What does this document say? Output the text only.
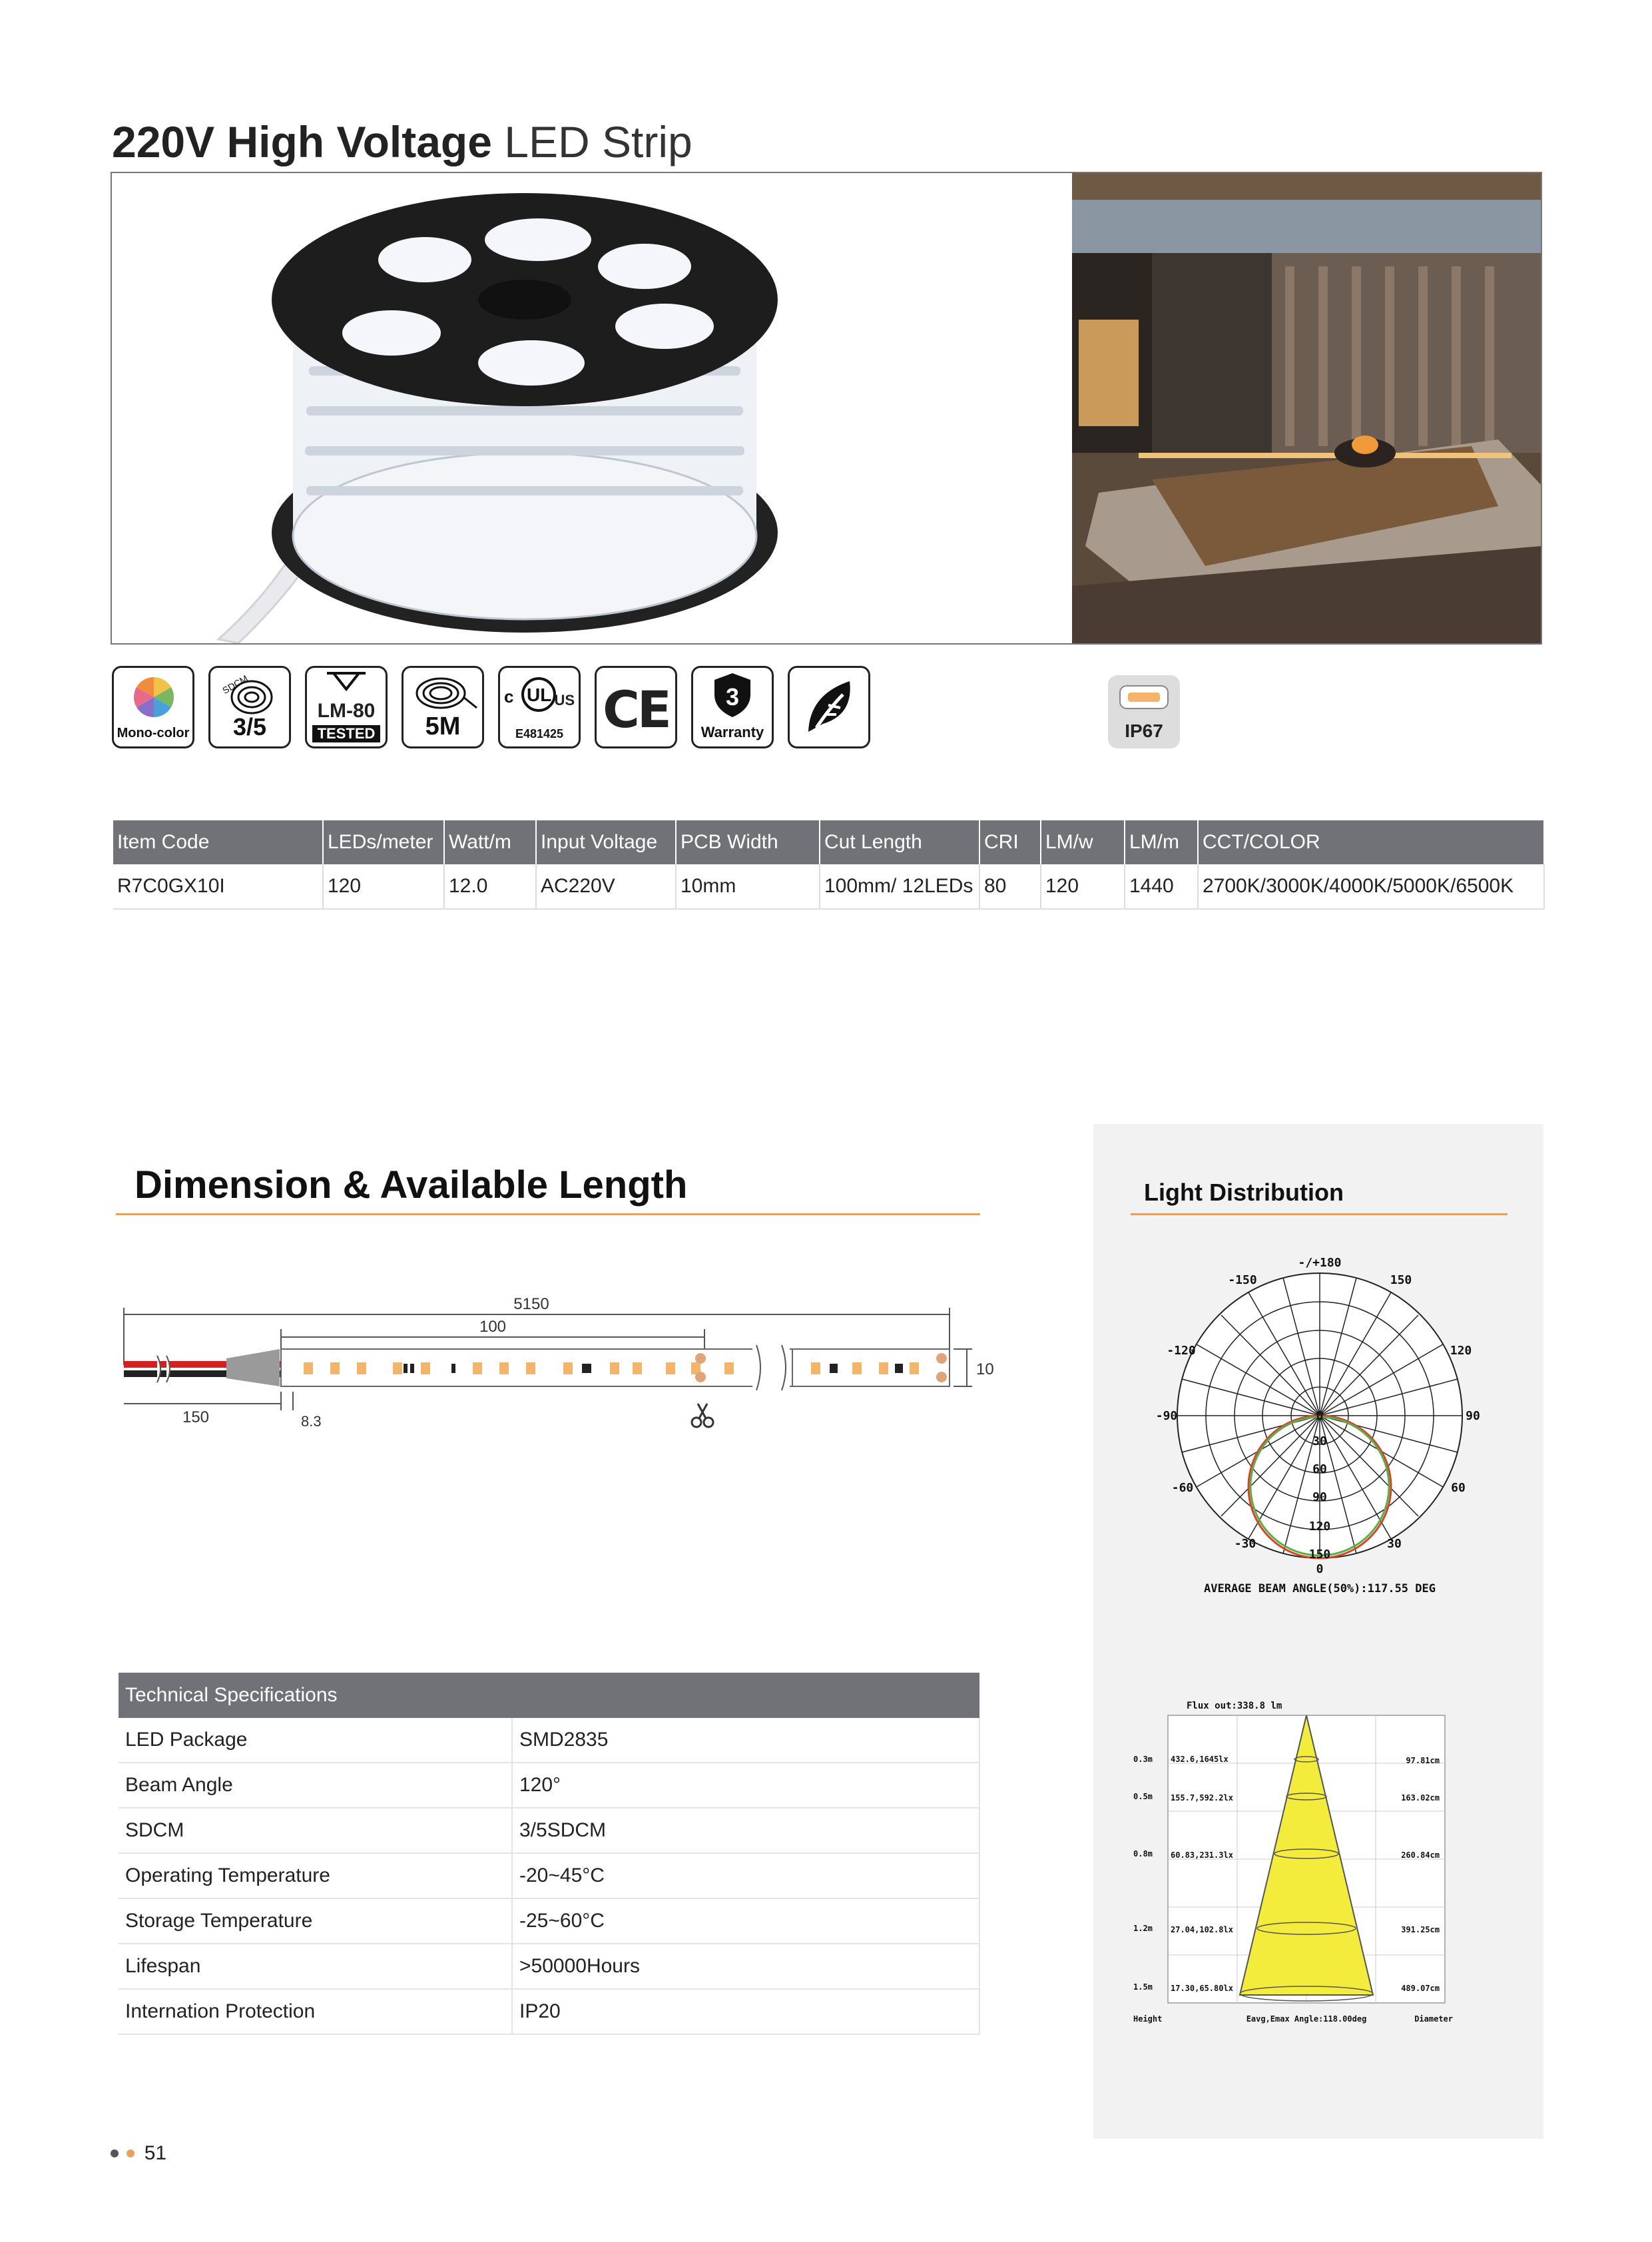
220V High Voltage LED Strip
Mono-color
SDCM
3/5
LM-80
TESTED	5M
c UL US
E481425 CE 3
Warranty	IP67
Item Code	LEDs/meter	Watt/m	Input Voltage	PCB Width	Cut Length	CRI	LM/w	LM/m	CCT/COLOR
R7C0GX10I	120	12.0	AC220V	10mm	100mm/ 12LEDs	80	120	1440	2700K/3000K/4000K/5000K/6500K
Dimension & Available Length
5150
100
10
150	8.3
Technical Specifications	
LED Package	SMD2835
Beam Angle	120°
SDCM	3/5SDCM
Operating Temperature	-20~45°C
Storage Temperature	-25~60°C
Lifespan	>50000Hours
Internation Protection	IP20
Light Distribution
-/+180
-150	150
-120	120
-90	90
-60	60
-30	30
0
0
30
60
90
120
150
AVERAGE BEAM ANGLE(50%):117.55 DEG
Flux out:338.8 lm
0.3m 432.6,1645lx	97.81cm
0.5m 155.7,592.2lx	163.02cm
0.8m 60.83,231.3lx	260.84cm
1.2m 27.04,102.8lx	391.25cm
1.5m 17.30,65.80lx	489.07cm
Height	Eavg,Emax Angle:118.00deg	Diameter
51
